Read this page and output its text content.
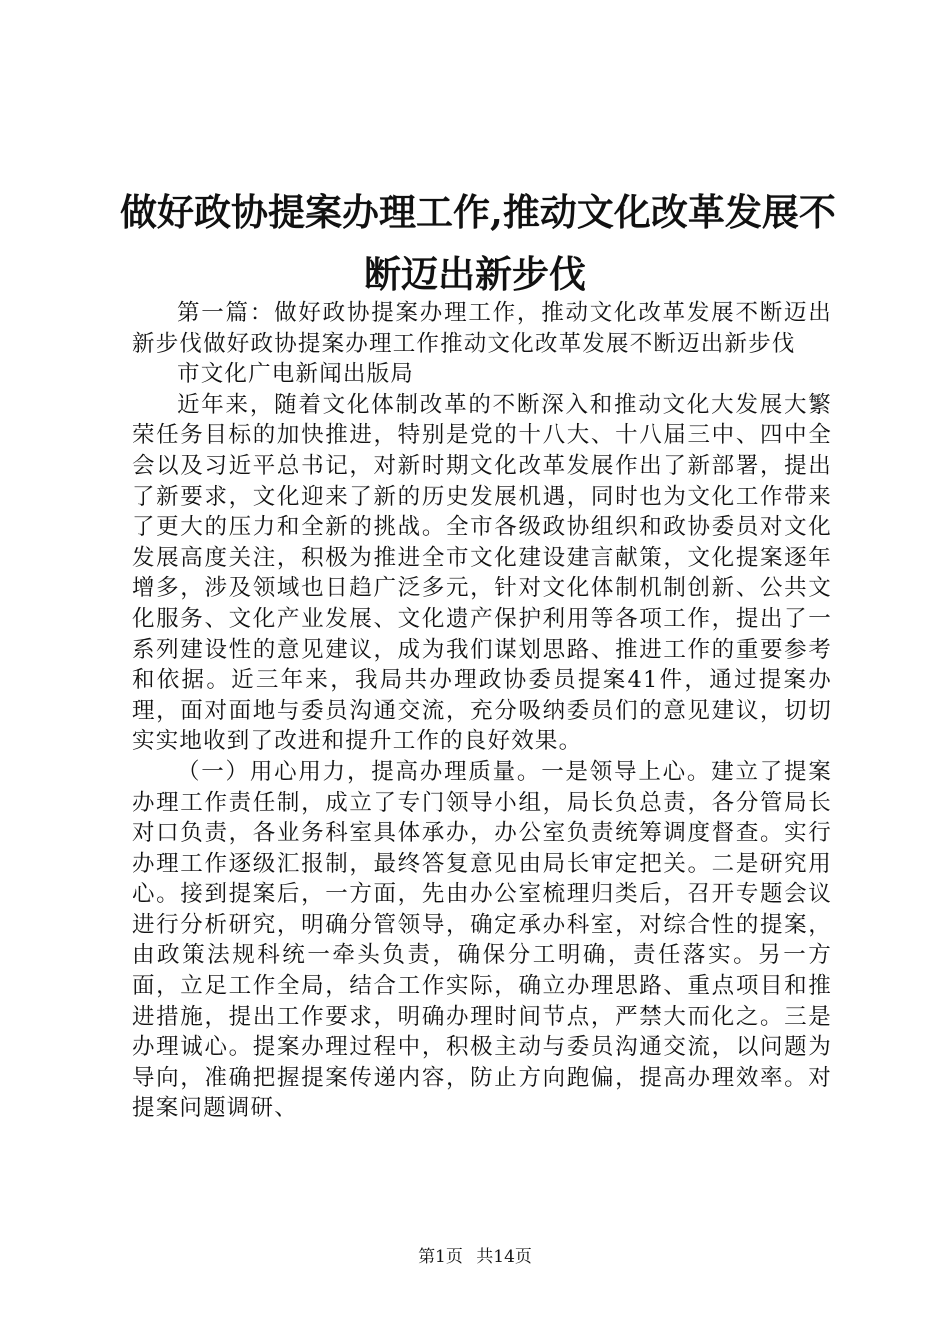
做好政协提案办理工作,推动文化改革发展不
断迈出新步伐

第一篇：做好政协提案办理工作，推动文化改革发展不断迈出新步伐做好政协提案办理工作推动文化改革发展不断迈出新步伐

市文化广电新闻出版局

近年来，随着文化体制改革的不断深入和推动文化大发展大繁荣任务目标的加快推进，特别是党的十八大、十八届三中、四中全会以及习近平总书记，对新时期文化改革发展作出了新部署，提出了新要求，文化迎来了新的历史发展机遇，同时也为文化工作带来了更大的压力和全新的挑战。全市各级政协组织和政协委员对文化发展高度关注，积极为推进全市文化建设建言献策，文化提案逐年增多，涉及领域也日趋广泛多元，针对文化体制机制创新、公共文化服务、文化产业发展、文化遗产保护利用等各项工作，提出了一系列建设性的意见建议，成为我们谋划思路、推进工作的重要参考和依据。近三年来，我局共办理政协委员提案41件，通过提案办理，面对面地与委员沟通交流，充分吸纳委员们的意见建议，切切实实地收到了改进和提升工作的良好效果。

（一）用心用力，提高办理质量。一是领导上心。建立了提案办理工作责任制，成立了专门领导小组，局长负总责，各分管局长对口负责，各业务科室具体承办，办公室负责统筹调度督查。实行办理工作逐级汇报制，最终答复意见由局长审定把关。二是研究用心。接到提案后，一方面，先由办公室梳理归类后，召开专题会议进行分析研究，明确分管领导，确定承办科室，对综合性的提案，由政策法规科统一牵头负责，确保分工明确，责任落实。另一方面，立足工作全局，结合工作实际，确立办理思路、重点项目和推进措施，提出工作要求，明确办理时间节点，严禁大而化之。三是办理诚心。提案办理过程中，积极主动与委员沟通交流，以问题为导向，准确把握提案传递内容，防止方向跑偏，提高办理效率。对提案问题调研、

第1页 共14页
